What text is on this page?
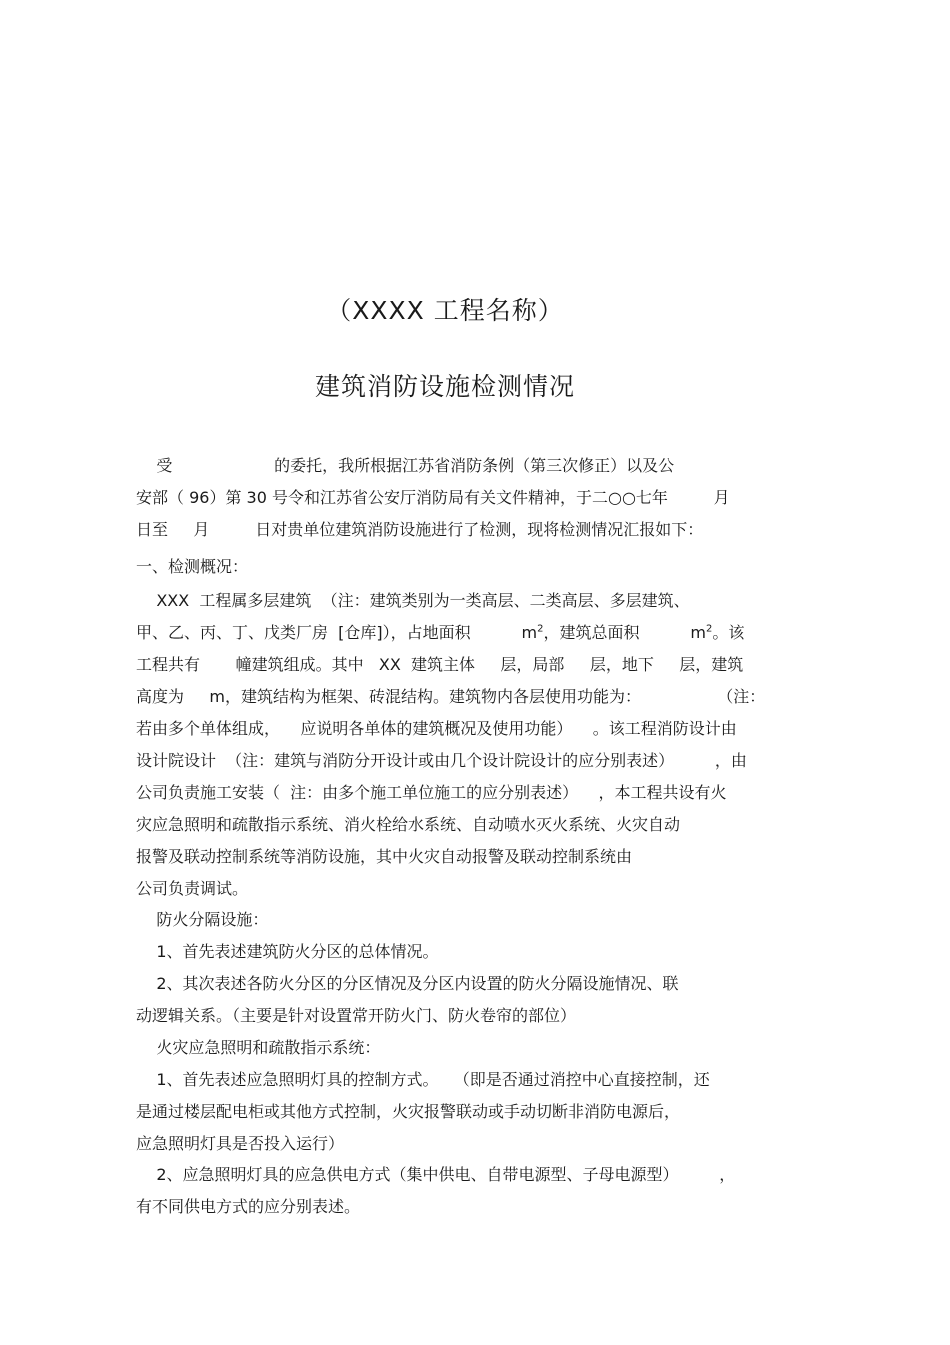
（XXXX 工程名称）
建筑消防设施检测情况
受                    的委托，我所根据江苏省消防条例（第三次修正）以及公
安部（ 96）第 30 号令和江苏省公安厅消防局有关文件精神，于二○○七年         月
日至     月         日对贵单位建筑消防设施进行了检测，现将检测情况汇报如下：
一、检测概况：
XXX  工程属多层建筑  （注：建筑类别为一类高层、二类高层、多层建筑、
甲、乙、丙、丁、戊类厂房  [仓库]），占地面积          $m^2$，建筑总面积          $m^2$。该
工程共有       幢建筑组成。其中   XX  建筑主体     层，局部     层，地下     层，建筑
高度为     m，建筑结构为框架、砖混结构。建筑物内各层使用功能为：               （注：
若由多个单体组成，    应说明各单体的建筑概况及使用功能）    。该工程消防设计由
设计院设计  （注：建筑与消防分开设计或由几个设计院设计的应分别表述）        ，由
公司负责施工安装（  注：由多个施工单位施工的应分别表述）    ，本工程共设有火
灾应急照明和疏散指示系统、消火栓给水系统、自动喷水灭火系统、火灾自动
报警及联动控制系统等消防设施，其中火灾自动报警及联动控制系统由
公司负责调试。
防火分隔设施：
1、首先表述建筑防火分区的总体情况。
2、其次表述各防火分区的分区情况及分区内设置的防火分隔设施情况、联
动逻辑关系。（主要是针对设置常开防火门、防火卷帘的部位）
火灾应急照明和疏散指示系统：
1、首先表述应急照明灯具的控制方式。   （即是否通过消控中心直接控制，还
是通过楼层配电柜或其他方式控制，火灾报警联动或手动切断非消防电源后，
应急照明灯具是否投入运行）
2、应急照明灯具的应急供电方式（集中供电、自带电源型、子母电源型）        ，
有不同供电方式的应分别表述。
